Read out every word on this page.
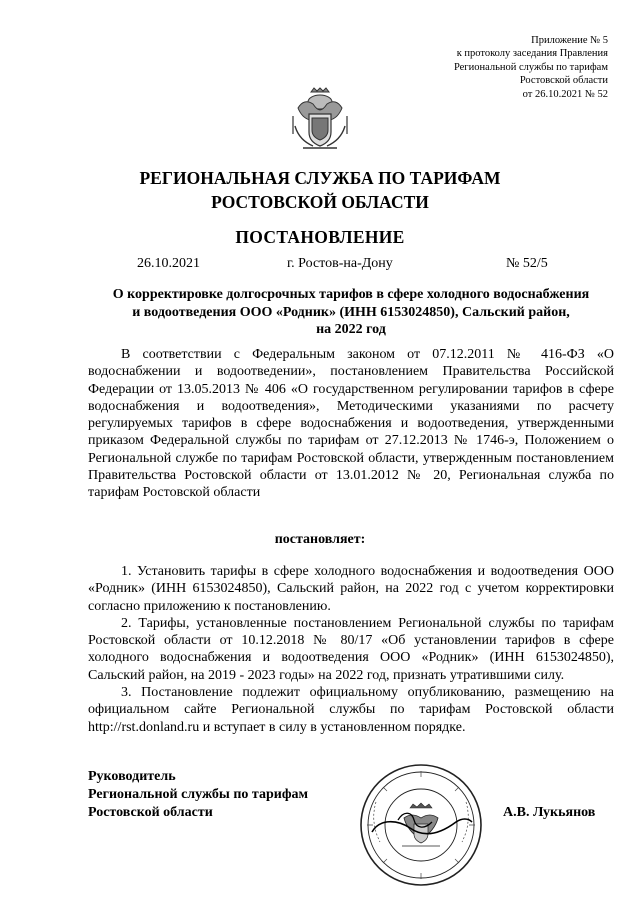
Приложение № 5
к протоколу заседания Правления
Региональной службы по тарифам
Ростовской области
от 26.10.2021 № 52
РЕГИОНАЛЬНАЯ СЛУЖБА ПО ТАРИФАМ
РОСТОВСКОЙ ОБЛАСТИ
ПОСТАНОВЛЕНИЕ
26.10.2021	г. Ростов-на-Дону	№ 52/5
О корректировке долгосрочных тарифов в сфере холодного водоснабжения
и водоотведения ООО «Родник» (ИНН 6153024850), Сальский район,
на 2022 год

В соответствии с Федеральным законом от 07.12.2011 № 416-ФЗ «О водоснабжении и водоотведении», постановлением Правительства Российской Федерации от 13.05.2013 № 406 «О государственном регулировании тарифов в сфере водоснабжения и водоотведения», Методическими указаниями по расчету регулируемых тарифов в сфере водоснабжения и водоотведения, утвержденными приказом Федеральной службы по тарифам от 27.12.2013 № 1746-э, Положением о Региональной службе по тарифам Ростовской области, утвержденным постановлением Правительства Ростовской области от 13.01.2012 № 20, Региональная служба по тарифам Ростовской области

постановляет:

1. Установить тарифы в сфере холодного водоснабжения и водоотведения ООО «Родник» (ИНН 6153024850), Сальский район, на 2022 год с учетом корректировки согласно приложению к постановлению.

2. Тарифы, установленные постановлением Региональной службы по тарифам Ростовской области от 10.12.2018 № 80/17 «Об установлении тарифов в сфере холодного водоснабжения и водоотведения ООО «Родник» (ИНН 6153024850), Сальский район, на 2019 - 2023 годы» на 2022 год, признать утратившими силу.

3. Постановление подлежит официальному опубликованию, размещению на официальном сайте Региональной службы по тарифам Ростовской области http://rst.donland.ru и вступает в силу в установленном порядке.

Руководитель
Региональной службы по тарифам
Ростовской области	А.В. Лукьянов
